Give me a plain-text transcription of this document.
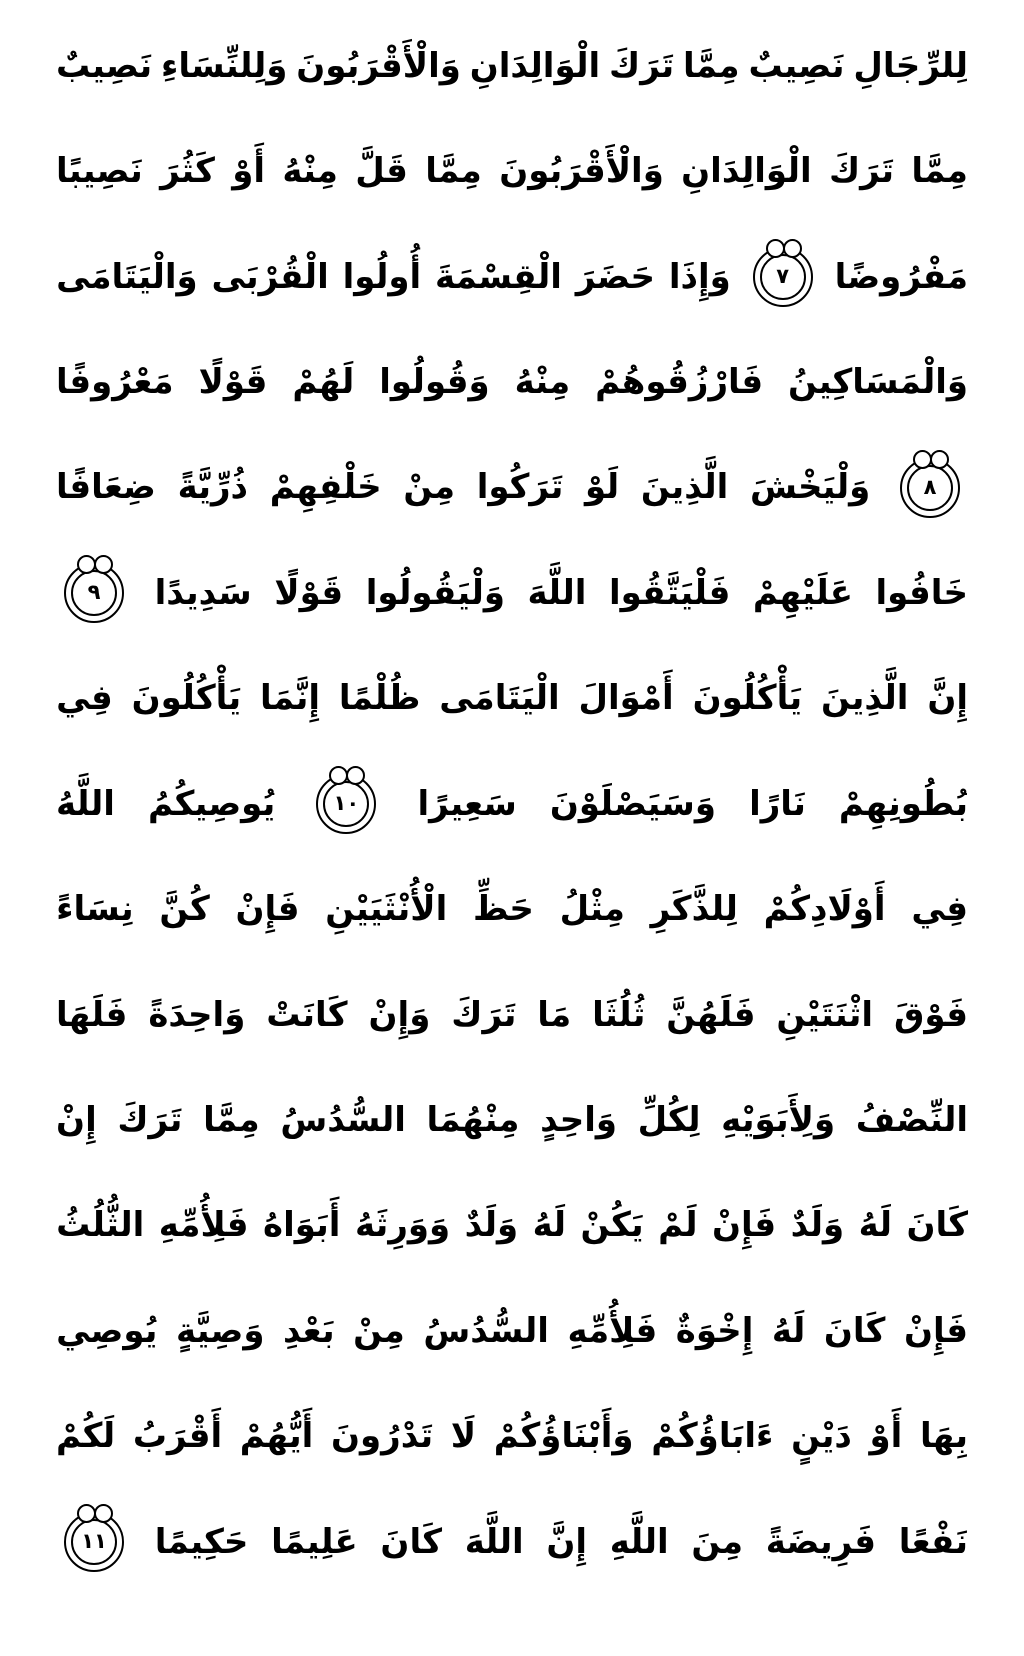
لِلرِّجَالِ
نَصِيبٌ
مِمَّا
تَرَكَ
الْوَالِدَانِ
وَالْأَقْرَبُونَ
وَلِلنِّسَاءِ
نَصِيبٌ
مِمَّا
تَرَكَ
الْوَالِدَانِ
وَالْأَقْرَبُونَ
مِمَّا
قَلَّ
مِنْهُ
أَوْ
كَثُرَ
نَصِيبًا
مَفْرُوضًا
٧
وَإِذَا
حَضَرَ
الْقِسْمَةَ
أُولُوا
الْقُرْبَى
وَالْيَتَامَى
وَالْمَسَاكِينُ
فَارْزُقُوهُمْ
مِنْهُ
وَقُولُوا
لَهُمْ
قَوْلًا
مَعْرُوفًا
٨
وَلْيَخْشَ
الَّذِينَ
لَوْ
تَرَكُوا
مِنْ
خَلْفِهِمْ
ذُرِّيَّةً
ضِعَافًا
خَافُوا
عَلَيْهِمْ
فَلْيَتَّقُوا
اللَّهَ
وَلْيَقُولُوا
قَوْلًا
سَدِيدًا
٩
إِنَّ
الَّذِينَ
يَأْكُلُونَ
أَمْوَالَ
الْيَتَامَى
ظُلْمًا
إِنَّمَا
يَأْكُلُونَ
فِي
بُطُونِهِمْ
نَارًا
وَسَيَصْلَوْنَ
سَعِيرًا
١٠
يُوصِيكُمُ
اللَّهُ
فِي
أَوْلَادِكُمْ
لِلذَّكَرِ
مِثْلُ
حَظِّ
الْأُنْثَيَيْنِ
فَإِنْ
كُنَّ
نِسَاءً
فَوْقَ
اثْنَتَيْنِ
فَلَهُنَّ
ثُلُثَا
مَا
تَرَكَ
وَإِنْ
كَانَتْ
وَاحِدَةً
فَلَهَا
النِّصْفُ
وَلِأَبَوَيْهِ
لِكُلِّ
وَاحِدٍ
مِنْهُمَا
السُّدُسُ
مِمَّا
تَرَكَ
إِنْ
كَانَ
لَهُ
وَلَدٌ
فَإِنْ
لَمْ
يَكُنْ
لَهُ
وَلَدٌ
وَوَرِثَهُ
أَبَوَاهُ
فَلِأُمِّهِ
الثُّلُثُ
فَإِنْ
كَانَ
لَهُ
إِخْوَةٌ
فَلِأُمِّهِ
السُّدُسُ
مِنْ
بَعْدِ
وَصِيَّةٍ
يُوصِي
بِهَا
أَوْ
دَيْنٍ
ءَابَاؤُكُمْ
وَأَبْنَاؤُكُمْ
لَا
تَدْرُونَ
أَيُّهُمْ
أَقْرَبُ
لَكُمْ
نَفْعًا
فَرِيضَةً
مِنَ
اللَّهِ
إِنَّ
اللَّهَ
كَانَ
عَلِيمًا
حَكِيمًا
١١
